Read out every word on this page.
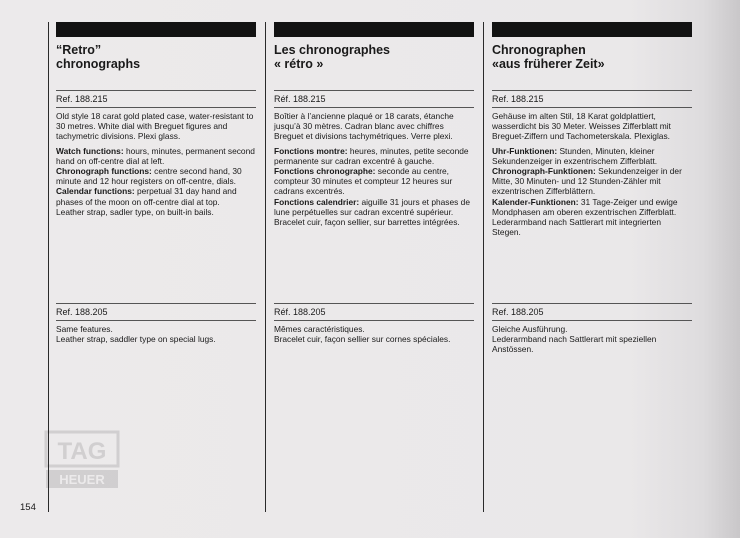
TAG
HEUER
“Retro”
chronographs
Ref. 188.215

Old style 18 carat gold plated case, water-resistant to 30 metres. White dial with Breguet figures and tachymetric divisions. Plexi glass.

Watch functions: hours, minutes, permanent second hand on off-centre dial at left.
Chronograph functions: centre second hand, 30 minute and 12 hour registers on off-centre, dials.
Calendar functions: perpetual 31 day hand and phases of the moon on off-centre dial at top.
Leather strap, sadler type, on built-in bails.

Ref. 188.205

Same features.
Leather strap, saddler type on special lugs.

Les chronographes
« rétro »
Réf. 188.215

Boîtier à l’ancienne plaqué or 18 carats, étanche jusqu’à 30 mètres. Cadran blanc avec chiffres Breguet et divisions tachymétriques. Verre plexi.

Fonctions montre: heures, minutes, petite seconde permanente sur cadran excentré à gauche.
Fonctions chronographe: seconde au centre, compteur 30 minutes et compteur 12 heures sur cadrans excentrés.
Fonctions calendrier: aiguille 31 jours et phases de lune perpétuelles sur cadran excentré supérieur.
Bracelet cuir, façon sellier, sur barrettes intégrées.

Réf. 188.205

Mêmes caractéristiques.
Bracelet cuir, façon sellier sur cornes spéciales.

Chronographen
«aus früherer Zeit»
Ref. 188.215

Gehäuse im alten Stil, 18 Karat goldplattiert, wasserdicht bis 30 Meter. Weisses Zifferblatt mit Breguet-Ziffern und Tachometerskala. Plexiglas.

Uhr-Funktionen: Stunden, Minuten, kleiner Sekundenzeiger in exzentrischem Zifferblatt.
Chronograph-Funktionen: Sekundenzeiger in der Mitte, 30 Minuten- und 12 Stunden-Zähler mit exzentrischen Zifferblättern.
Kalender-Funktionen: 31 Tage-Zeiger und ewige Mondphasen am oberen exzentrischen Zifferblatt.
Lederarmband nach Sattlerart mit integrierten Stegen.

Ref. 188.205

Gleiche Ausführung.
Lederarmband nach Sattlerart mit speziellen Anstössen.

154
